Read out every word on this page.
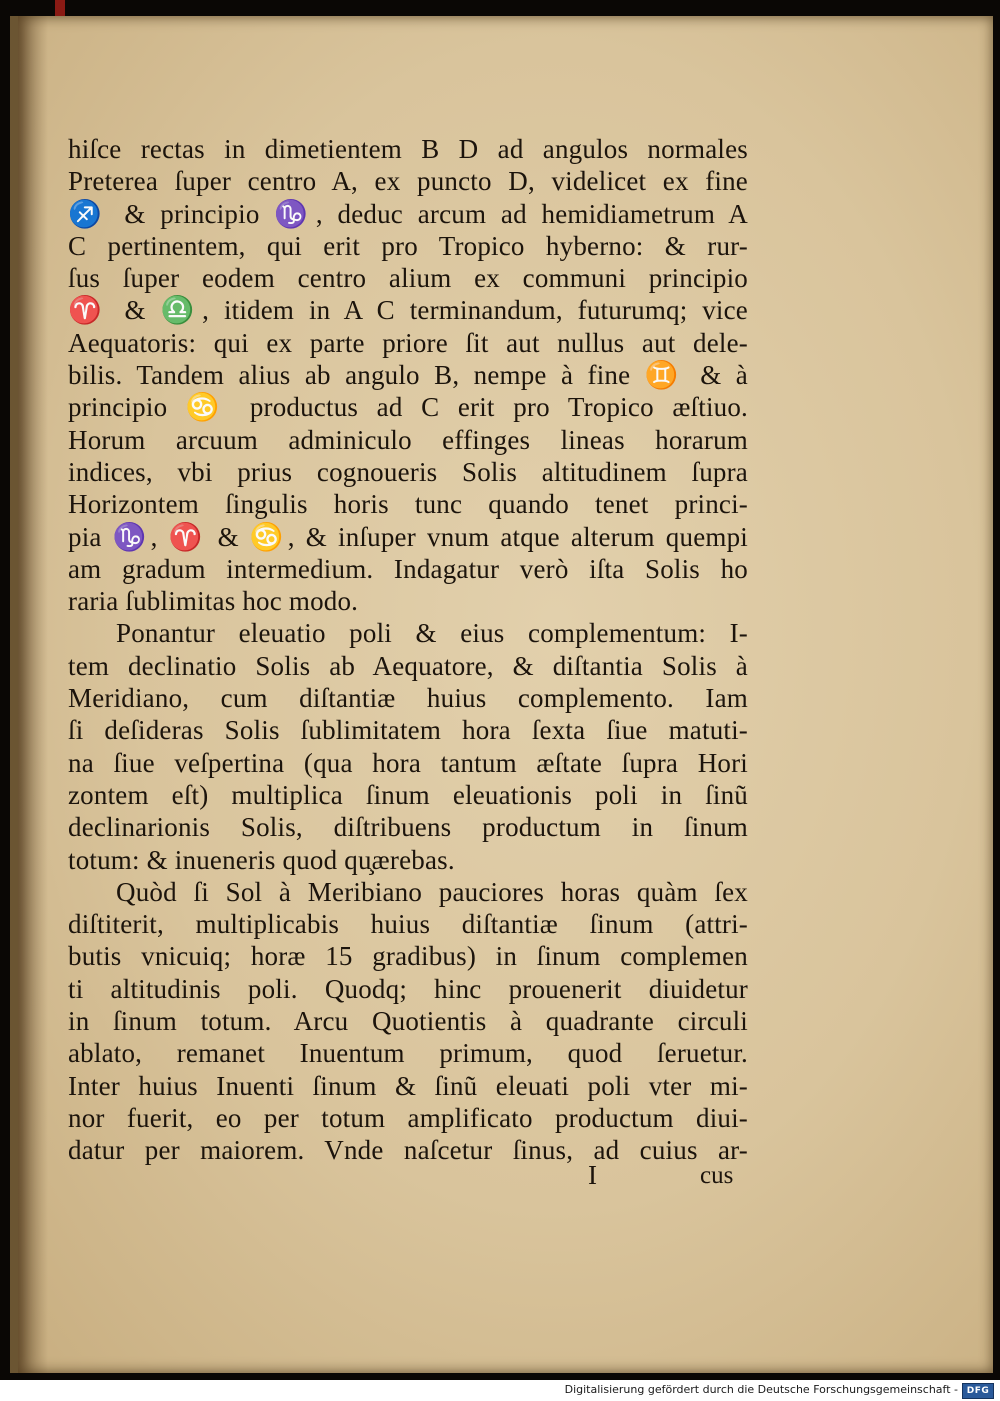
hiſce rectas in dimetientem B D ad angulos normales
Preterea ſuper centro A, ex puncto D, videlicet ex fine
♐ & principio ♑, deduc arcum ad hemidiametrum A
C pertinentem, qui erit pro Tropico hyberno: & rur-
ſus ſuper eodem centro alium ex communi principio
♈ & ♎, itidem in A C terminandum, futurumq; vice
Aequatoris: qui ex parte priore ſit aut nullus aut dele-
bilis. Tandem alius ab angulo B, nempe à fine ♊ & à
principio ♋ productus ad C erit pro Tropico æſtiuo.
Horum arcuum adminiculo effinges lineas horarum
indices, vbi prius cognoueris Solis altitudinem ſupra
Horizontem ſingulis horis tunc quando tenet princi-
pia ♑, ♈ & ♋, & inſuper vnum atque alterum quempi
am gradum intermedium. Indagatur verò iſta Solis ho
raria ſublimitas hoc modo.
Ponantur eleuatio poli & eius complementum: I-
tem declinatio Solis ab Aequatore, & diſtantia Solis à
Meridiano, cum diſtantiæ huius complemento. Iam
ſi deſideras Solis ſublimitatem hora ſexta ſiue matuti-
na ſiue veſpertina (qua hora tantum æſtate ſupra Hori
zontem eſt) multiplica ſinum eleuationis poli in ſinũ
declinarionis Solis, diſtribuens productum in ſinum
totum: & inueneris quod qu̧ærebas.
Quòd ſi Sol à Meribiano pauciores horas quàm ſex
diſtiterit, multiplicabis huius diſtantiæ ſinum (attri-
butis vnicuiq; horæ 15 gradibus) in ſinum complemen
ti altitudinis poli. Quodq; hinc prouenerit diuidetur
in ſinum totum. Arcu Quotientis à quadrante circuli
ablato, remanet Inuentum primum, quod ſeruetur.
Inter huius Inuenti ſinum & ſinũ eleuati poli vter mi-
nor fuerit, eo per totum amplificato productum diui-
datur per maiorem. Vnde naſcetur ſinus, ad cuius ar-
I	cus
Digitalisierung gefördert durch die Deutsche Forschungsgemeinschaft - DFG
